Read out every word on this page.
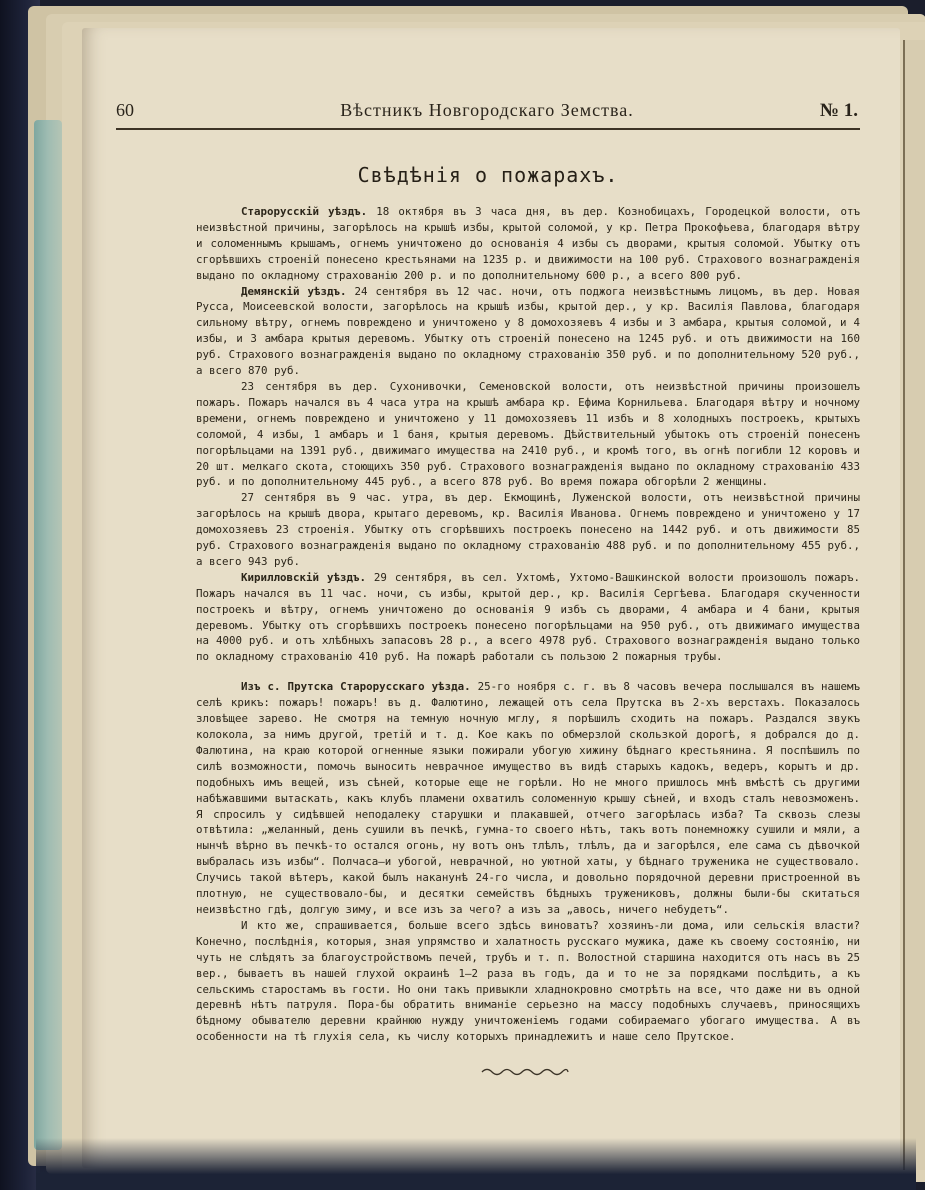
60	Вѣстникъ Новгородскаго Земства.	№ 1.
Свѣдѣнія о пожарахъ.

Старорусскій уѣздъ. 18 октября въ 3 часа дня, въ дер. Кознобицахъ, Городецкой волости, отъ неизвѣстной причины, загорѣлось на крышѣ избы, крытой соломой, у кр. Петра Прокофьева, благодаря вѣтру и соломеннымъ крышамъ, огнемъ уничтожено до основанія 4 избы съ дворами, крытыя соломой. Убытку отъ сгорѣвшихъ строеній понесено крестьянами на 1235 р. и движимости на 100 руб. Страхового вознагражденія выдано по окладному страхованію 200 р. и по дополнительному 600 р., а всего 800 руб.

Демянскій уѣздъ. 24 сентября въ 12 час. ночи, отъ поджога неизвѣстнымъ лицомъ, въ дер. Новая Русса, Моисеевской волости, загорѣлось на крышѣ избы, крытой дер., у кр. Василія Павлова, благодаря сильному вѣтру, огнемъ повреждено и уничтожено у 8 домохозяевъ 4 избы и 3 амбара, крытыя соломой, и 4 избы, и 3 амбара крытыя деревомъ. Убытку отъ строеній понесено на 1245 руб. и отъ движимости на 160 руб. Страхового вознагражденія выдано по окладному страхованію 350 руб. и по дополнительному 520 руб., а всего 870 руб.

23 сентября въ дер. Сухонивочки, Семеновской волости, отъ неизвѣстной причины произошелъ пожаръ. Пожаръ начался въ 4 часа утра на крышѣ амбара кр. Ефима Корнильева. Благодаря вѣтру и ночному времени, огнемъ повреждено и уничтожено у 11 домохозяевъ 11 избъ и 8 холодныхъ построекъ, крытыхъ соломой, 4 избы, 1 амбаръ и 1 баня, крытыя деревомъ. Дѣйствительный убытокъ отъ строеній понесенъ погорѣльцами на 1391 руб., движимаго имущества на 2410 руб., и кромѣ того, въ огнѣ погибли 12 коровъ и 20 шт. мелкаго скота, стоющихъ 350 руб. Страхового вознагражденія выдано по окладному страхованію 433 руб. и по дополнительному 445 руб., а всего 878 руб. Во время пожара обгорѣли 2 женщины.

27 сентября въ 9 час. утра, въ дер. Екмощинѣ, Луженской волости, отъ неизвѣстной причины загорѣлось на крышѣ двора, крытаго деревомъ, кр. Василія Иванова. Огнемъ повреждено и уничтожено у 17 домохозяевъ 23 строенія. Убытку отъ сгорѣвшихъ построекъ понесено на 1442 руб. и отъ движимости 85 руб. Страхового вознагражденія выдано по окладному страхованію 488 руб. и по дополнительному 455 руб., а всего 943 руб.

Кирилловскій уѣздъ. 29 сентября, въ сел. Ухтомѣ, Ухтомо-Вашкинской волости произошолъ пожаръ. Пожаръ начался въ 11 час. ночи, съ избы, крытой дер., кр. Василія Сергѣева. Благодаря скученности построекъ и вѣтру, огнемъ уничтожено до основанія 9 избъ съ дворами, 4 амбара и 4 бани, крытыя деревомъ. Убытку отъ сгорѣвшихъ построекъ понесено погорѣльцами на 950 руб., отъ движимаго имущества на 4000 руб. и отъ хлѣбныхъ запасовъ 28 р., а всего 4978 руб. Страхового вознагражденія выдано только по окладному страхованію 410 руб. На пожарѣ работали съ пользою 2 пожарныя трубы.

Изъ с. Прутска Старорусскаго уѣзда. 25-го ноября с. г. въ 8 часовъ вечера послышался въ нашемъ селѣ крикъ: пожаръ! пожаръ! въ д. Фалютино, лежащей отъ села Прутска въ 2-хъ верстахъ. Показалось зловѣщее зарево. Не смотря на темную ночную мглу, я порѣшилъ сходить на пожаръ. Раздался звукъ колокола, за нимъ другой, третій и т. д. Кое какъ по обмерзлой скользкой дорогѣ, я добрался до д. Фалютина, на краю которой огненные языки пожирали убогую хижину бѣднаго крестьянина. Я поспѣшилъ по силѣ возможности, помочь выносить неврачное имущество въ видѣ старыхъ кадокъ, ведеръ, корытъ и др. подобныхъ имъ вещей, изъ сѣней, которые еще не горѣли. Но не много пришлось мнѣ вмѣстѣ съ другими набѣжавшими вытаскать, какъ клубъ пламени охватилъ соломенную крышу сѣней, и входъ сталъ невозможенъ. Я спросилъ у сидѣвшей неподалеку старушки и плакавшей, отчего загорѣлась изба? Та сквозь слезы отвѣтила: „желанный, день сушили въ печкѣ, гумна-то своего нѣтъ, такъ вотъ понемножку сушили и мяли, а нынчѣ вѣрно въ печкѣ-то остался огонь, ну вотъ онъ тлѣлъ, тлѣлъ, да и загорѣлся, еле сама съ дѣвочкой выбралась изъ избы“. Полчаса—и убогой, неврачной, но уютной хаты, у бѣднаго труженика не существовало. Случись такой вѣтеръ, какой былъ наканунѣ 24-го числа, и довольно порядочной деревни пристроенной въ плотную, не существовало-бы, и десятки семействъ бѣдныхъ тружениковъ, должны были-бы скитаться неизвѣстно гдѣ, долгую зиму, и все изъ за чего? а изъ за „авось, ничего небудетъ“.

И кто же, спрашивается, больше всего здѣсь виноватъ? хозяинъ-ли дома, или сельскія власти? Конечно, послѣднія, которыя, зная упрямство и халатность русскаго мужика, даже къ своему состоянію, ни чуть не слѣдятъ за благоустройствомъ печей, трубъ и т. п. Волостной старшина находится отъ насъ въ 25 вер., бываетъ въ нашей глухой окраинѣ 1—2 раза въ годъ, да и то не за порядками послѣдить, а къ сельскимъ старостамъ въ гости. Но они такъ привыкли хладнокровно смотрѣть на все, что даже ни въ одной деревнѣ нѣтъ патруля. Пора-бы обратить вниманіе серьезно на массу подобныхъ случаевъ, приносящихъ бѣдному обывателю деревни крайнюю нужду уничтоженіемъ годами собираемаго убогаго имущества. А въ особенности на тѣ глухія села, къ числу которыхъ принадлежитъ и наше село Прутское.
